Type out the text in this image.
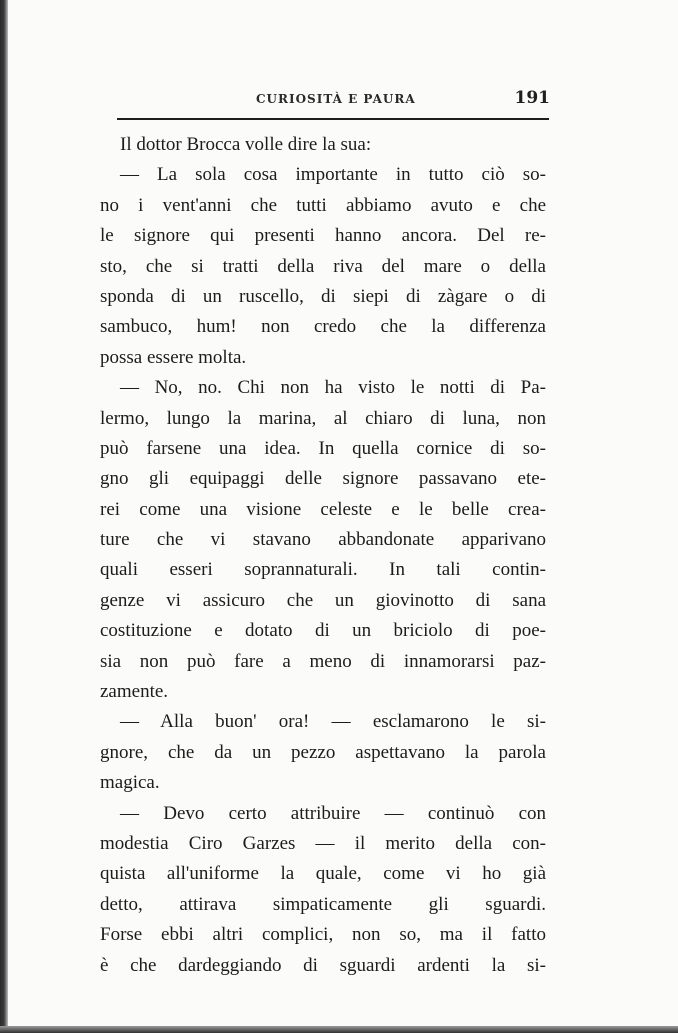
CURIOSITÀ E PAURA	191
Il dottor Brocca volle dire la sua:
— La sola cosa importante in tutto ciò so-
no i vent'anni che tutti abbiamo avuto e che
le signore qui presenti hanno ancora. Del re-
sto, che si tratti della riva del mare o della
sponda di un ruscello, di siepi di zàgare o di
sambuco, hum! non credo che la differenza
possa essere molta.
— No, no. Chi non ha visto le notti di Pa-
lermo, lungo la marina, al chiaro di luna, non
può farsene una idea. In quella cornice di so-
gno gli equipaggi delle signore passavano ete-
rei come una visione celeste e le belle crea-
ture che vi stavano abbandonate apparivano
quali esseri soprannaturali. In tali contin-
genze vi assicuro che un giovinotto di sana
costituzione e dotato di un briciolo di poe-
sia non può fare a meno di innamorarsi paz-
zamente.
— Alla buon' ora! — esclamarono le si-
gnore, che da un pezzo aspettavano la parola
magica.
— Devo certo attribuire — continuò con
modestia Ciro Garzes — il merito della con-
quista all'uniforme la quale, come vi ho già
detto, attirava simpaticamente gli sguardi.
Forse ebbi altri complici, non so, ma il fatto
è che dardeggiando di sguardi ardenti la si-
